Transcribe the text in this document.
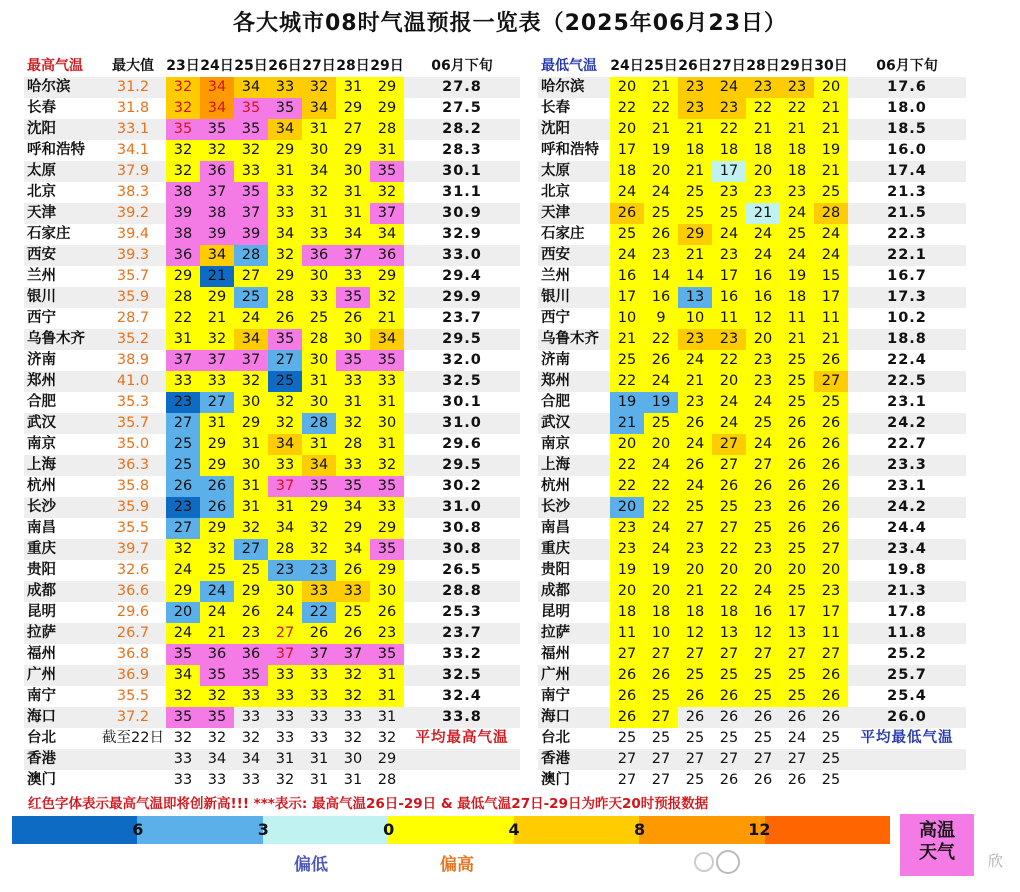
各大城市08时气温预报一览表（2025年06月23日）
最高气温	最大值	23日	24日	25日	26日	27日	28日	29日	06月下旬
哈尔滨	31.2	32	34	34	33	32	31	29	27.8
长春	31.8	32	34	35	35	34	29	29	27.5
沈阳	33.1	35	35	35	34	31	27	28	28.2
呼和浩特	34.1	32	32	32	29	30	29	31	28.3
太原	37.9	32	36	33	31	34	30	35	30.1
北京	38.3	38	37	35	33	32	31	32	31.1
天津	39.2	39	38	37	33	31	31	37	30.9
石家庄	39.4	38	39	39	34	33	34	34	32.9
西安	39.3	36	34	28	32	36	37	36	33.0
兰州	35.7	29	21	27	29	30	33	29	29.4
银川	35.9	28	29	25	28	33	35	32	29.9
西宁	28.7	22	21	24	26	25	26	21	23.7
乌鲁木齐	35.2	31	32	34	35	28	30	34	29.5
济南	38.9	37	37	37	27	30	35	35	32.0
郑州	41.0	33	33	32	25	31	33	33	32.5
合肥	35.3	23	27	30	32	30	31	31	30.1
武汉	35.7	27	31	29	32	28	32	30	31.0
南京	35.0	25	29	31	34	31	28	31	29.6
上海	36.3	25	29	30	33	34	33	32	29.5
杭州	35.8	26	26	31	37	35	35	35	30.2
长沙	35.9	23	26	31	31	29	34	33	31.0
南昌	35.5	27	29	32	34	32	29	29	30.8
重庆	39.7	32	32	27	28	32	34	35	30.8
贵阳	32.6	24	25	25	23	23	26	29	26.5
成都	36.6	29	24	29	30	33	33	30	28.8
昆明	29.6	20	24	26	24	22	25	26	25.3
拉萨	26.7	24	21	23	27	26	26	23	23.7
福州	36.8	35	36	36	37	37	37	35	33.2
广州	36.9	34	35	35	33	33	32	31	32.5
南宁	35.5	32	32	33	33	33	32	31	32.4
海口	37.2	35	35	33	33	33	33	31	33.8
台北	截至22日	32	32	32	33	33	32	32	平均最高气温
香港		33	34	34	31	31	30	29	
澳门		33	33	33	32	31	31	28	
最低气温	24日	25日	26日	27日	28日	29日	30日	06月下旬
哈尔滨	20	21	23	24	23	23	20	17.6
长春	22	22	23	23	22	22	21	18.0
沈阳	20	21	21	22	21	21	21	18.5
呼和浩特	17	19	18	18	18	18	19	16.0
太原	18	20	21	17	20	18	21	17.4
北京	24	24	25	23	23	23	25	21.3
天津	26	25	25	25	21	24	28	21.5
石家庄	25	26	29	24	24	25	24	22.3
西安	24	23	21	23	24	24	24	22.1
兰州	16	14	14	17	16	19	15	16.7
银川	17	16	13	16	16	18	17	17.3
西宁	10	9	10	11	12	11	11	10.2
乌鲁木齐	21	22	23	23	20	21	21	18.8
济南	25	26	24	22	23	25	26	22.4
郑州	22	24	21	20	23	25	27	22.5
合肥	19	19	23	24	24	25	25	23.1
武汉	21	25	26	24	25	26	26	24.2
南京	20	20	24	27	24	26	26	22.7
上海	22	24	26	27	27	26	26	23.3
杭州	22	22	24	26	26	26	26	23.1
长沙	20	22	25	25	23	26	26	24.2
南昌	23	24	27	27	25	26	26	24.4
重庆	23	24	23	22	23	25	27	23.4
贵阳	19	19	20	20	20	20	20	19.8
成都	20	20	21	22	24	25	23	21.3
昆明	18	18	18	18	16	17	17	17.8
拉萨	11	10	12	13	12	13	11	11.8
福州	27	27	27	27	27	27	27	25.2
广州	26	26	25	25	25	25	26	25.7
南宁	26	25	26	26	25	25	26	25.4
海口	26	27	26	26	26	26	26	26.0
台北	25	25	25	25	25	24	25	平均最低气温
香港	27	27	27	27	27	27	25	
澳门	27	27	25	26	26	26	25	
红色字体表示最高气温即将创新高!!! ***表示: 最高气温26日-29日 & 最低气温27日-29日为昨天20时预报数据
6	3	0	4	8	12	高温
天气
偏低	偏高	欣
